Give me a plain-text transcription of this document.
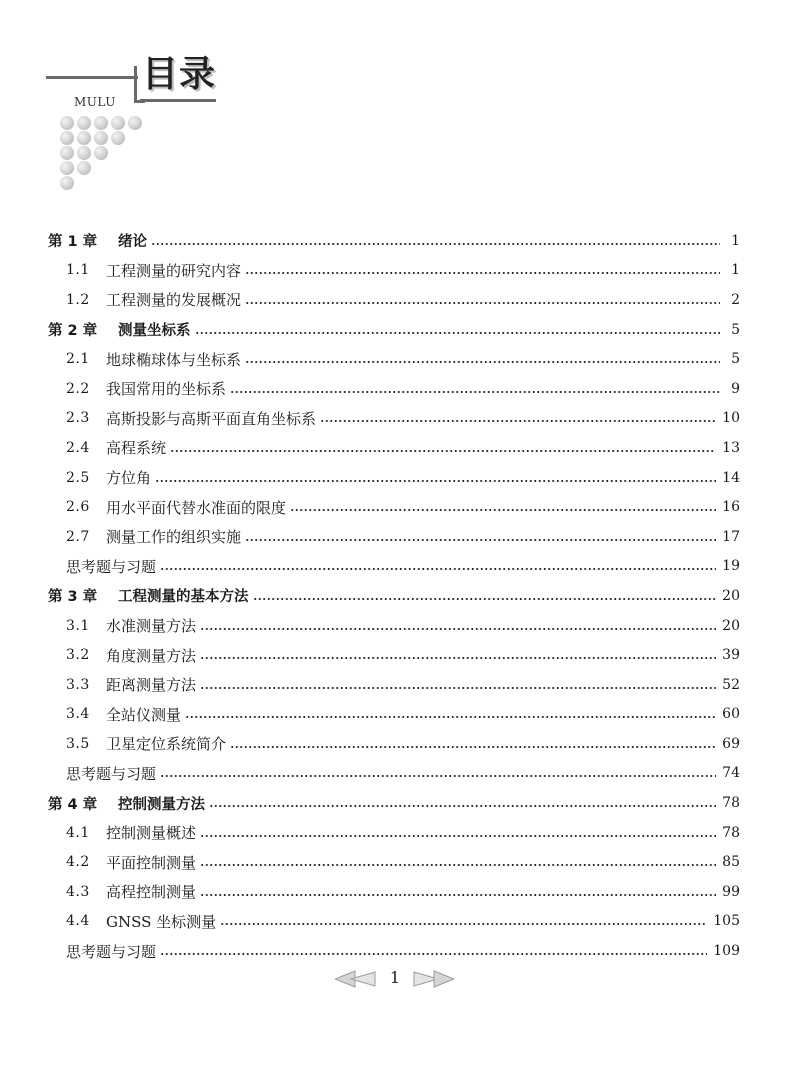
目录
MULU
第 1 章	绪论	1
1.1	工程测量的研究内容	1
1.2	工程测量的发展概况	2
第 2 章	测量坐标系	5
2.1	地球椭球体与坐标系	5
2.2	我国常用的坐标系	9
2.3	高斯投影与高斯平面直角坐标系	10
2.4	高程系统	13
2.5	方位角	14
2.6	用水平面代替水准面的限度	16
2.7	测量工作的组织实施	17
思考题与习题	19
第 3 章	工程测量的基本方法	20
3.1	水准测量方法	20
3.2	角度测量方法	39
3.3	距离测量方法	52
3.4	全站仪测量	60
3.5	卫星定位系统简介	69
思考题与习题	74
第 4 章	控制测量方法	78
4.1	控制测量概述	78
4.2	平面控制测量	85
4.3	高程控制测量	99
4.4	GNSS 坐标测量	105
思考题与习题	109
1
